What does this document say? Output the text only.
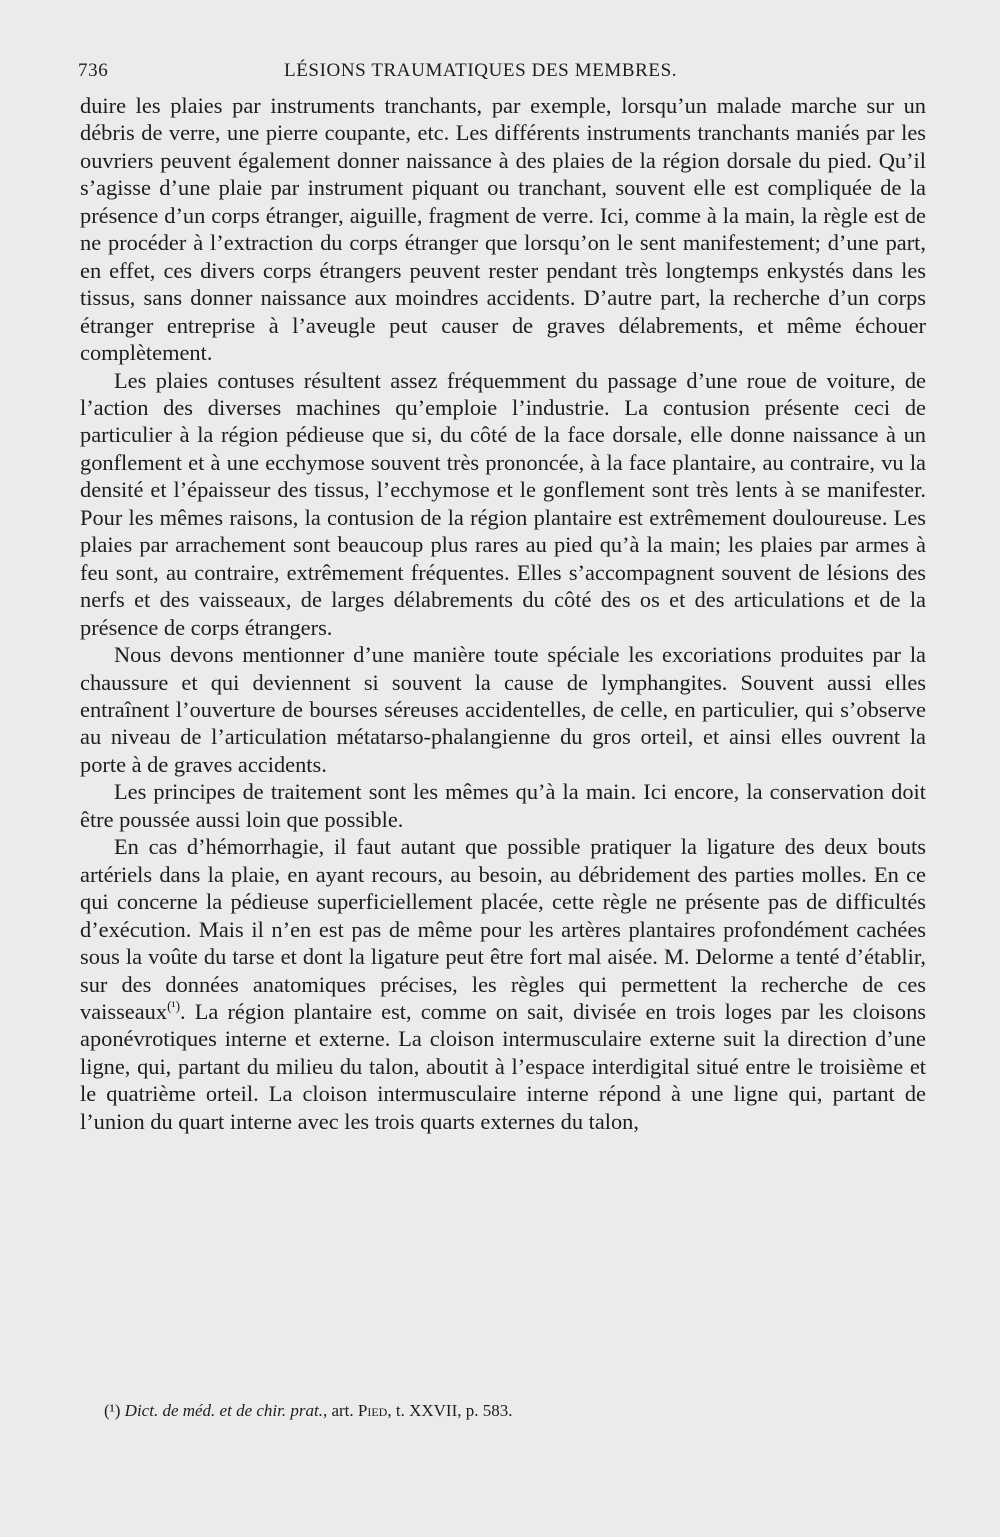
736	LÉSIONS TRAUMATIQUES DES MEMBRES.

duire les plaies par instruments tranchants, par exemple, lorsqu’un malade marche sur un débris de verre, une pierre coupante, etc. Les différents instruments tranchants maniés par les ouvriers peuvent également donner naissance à des plaies de la région dorsale du pied. Qu’il s’agisse d’une plaie par instrument piquant ou tranchant, souvent elle est compliquée de la présence d’un corps étranger, aiguille, fragment de verre. Ici, comme à la main, la règle est de ne procéder à l’extraction du corps étranger que lorsqu’on le sent manifestement; d’une part, en effet, ces divers corps étrangers peuvent rester pendant très longtemps enkystés dans les tissus, sans donner naissance aux moindres accidents. D’autre part, la recherche d’un corps étranger entreprise à l’aveugle peut causer de graves délabrements, et même échouer complètement.

Les plaies contuses résultent assez fréquemment du passage d’une roue de voiture, de l’action des diverses machines qu’emploie l’industrie. La contusion présente ceci de particulier à la région pédieuse que si, du côté de la face dorsale, elle donne naissance à un gonflement et à une ecchymose souvent très prononcée, à la face plantaire, au contraire, vu la densité et l’épaisseur des tissus, l’ecchymose et le gonflement sont très lents à se manifester. Pour les mêmes raisons, la contusion de la région plantaire est extrêmement douloureuse. Les plaies par arrachement sont beaucoup plus rares au pied qu’à la main; les plaies par armes à feu sont, au contraire, extrêmement fréquentes. Elles s’accompagnent souvent de lésions des nerfs et des vaisseaux, de larges délabrements du côté des os et des articulations et de la présence de corps étrangers.

Nous devons mentionner d’une manière toute spéciale les excoriations produites par la chaussure et qui deviennent si souvent la cause de lymphangites. Souvent aussi elles entraînent l’ouverture de bourses séreuses accidentelles, de celle, en particulier, qui s’observe au niveau de l’articulation métatarso-phalangienne du gros orteil, et ainsi elles ouvrent la porte à de graves accidents.

Les principes de traitement sont les mêmes qu’à la main. Ici encore, la conservation doit être poussée aussi loin que possible.

En cas d’hémorrhagie, il faut autant que possible pratiquer la ligature des deux bouts artériels dans la plaie, en ayant recours, au besoin, au débridement des parties molles. En ce qui concerne la pédieuse superficiellement placée, cette règle ne présente pas de difficultés d’exécution. Mais il n’en est pas de même pour les artères plantaires profondément cachées sous la voûte du tarse et dont la ligature peut être fort mal aisée. M. Delorme a tenté d’établir, sur des données anatomiques précises, les règles qui permettent la recherche de ces vaisseaux$^{(^1)}$. La région plantaire est, comme on sait, divisée en trois loges par les cloisons aponévrotiques interne et externe. La cloison intermusculaire externe suit la direction d’une ligne, qui, partant du milieu du talon, aboutit à l’espace interdigital situé entre le troisième et le quatrième orteil. La cloison intermusculaire interne répond à une ligne qui, partant de l’union du quart interne avec les trois quarts externes du talon,

(¹) Dict. de méd. et de chir. prat., art. Pied, t. XXVII, p. 583.
